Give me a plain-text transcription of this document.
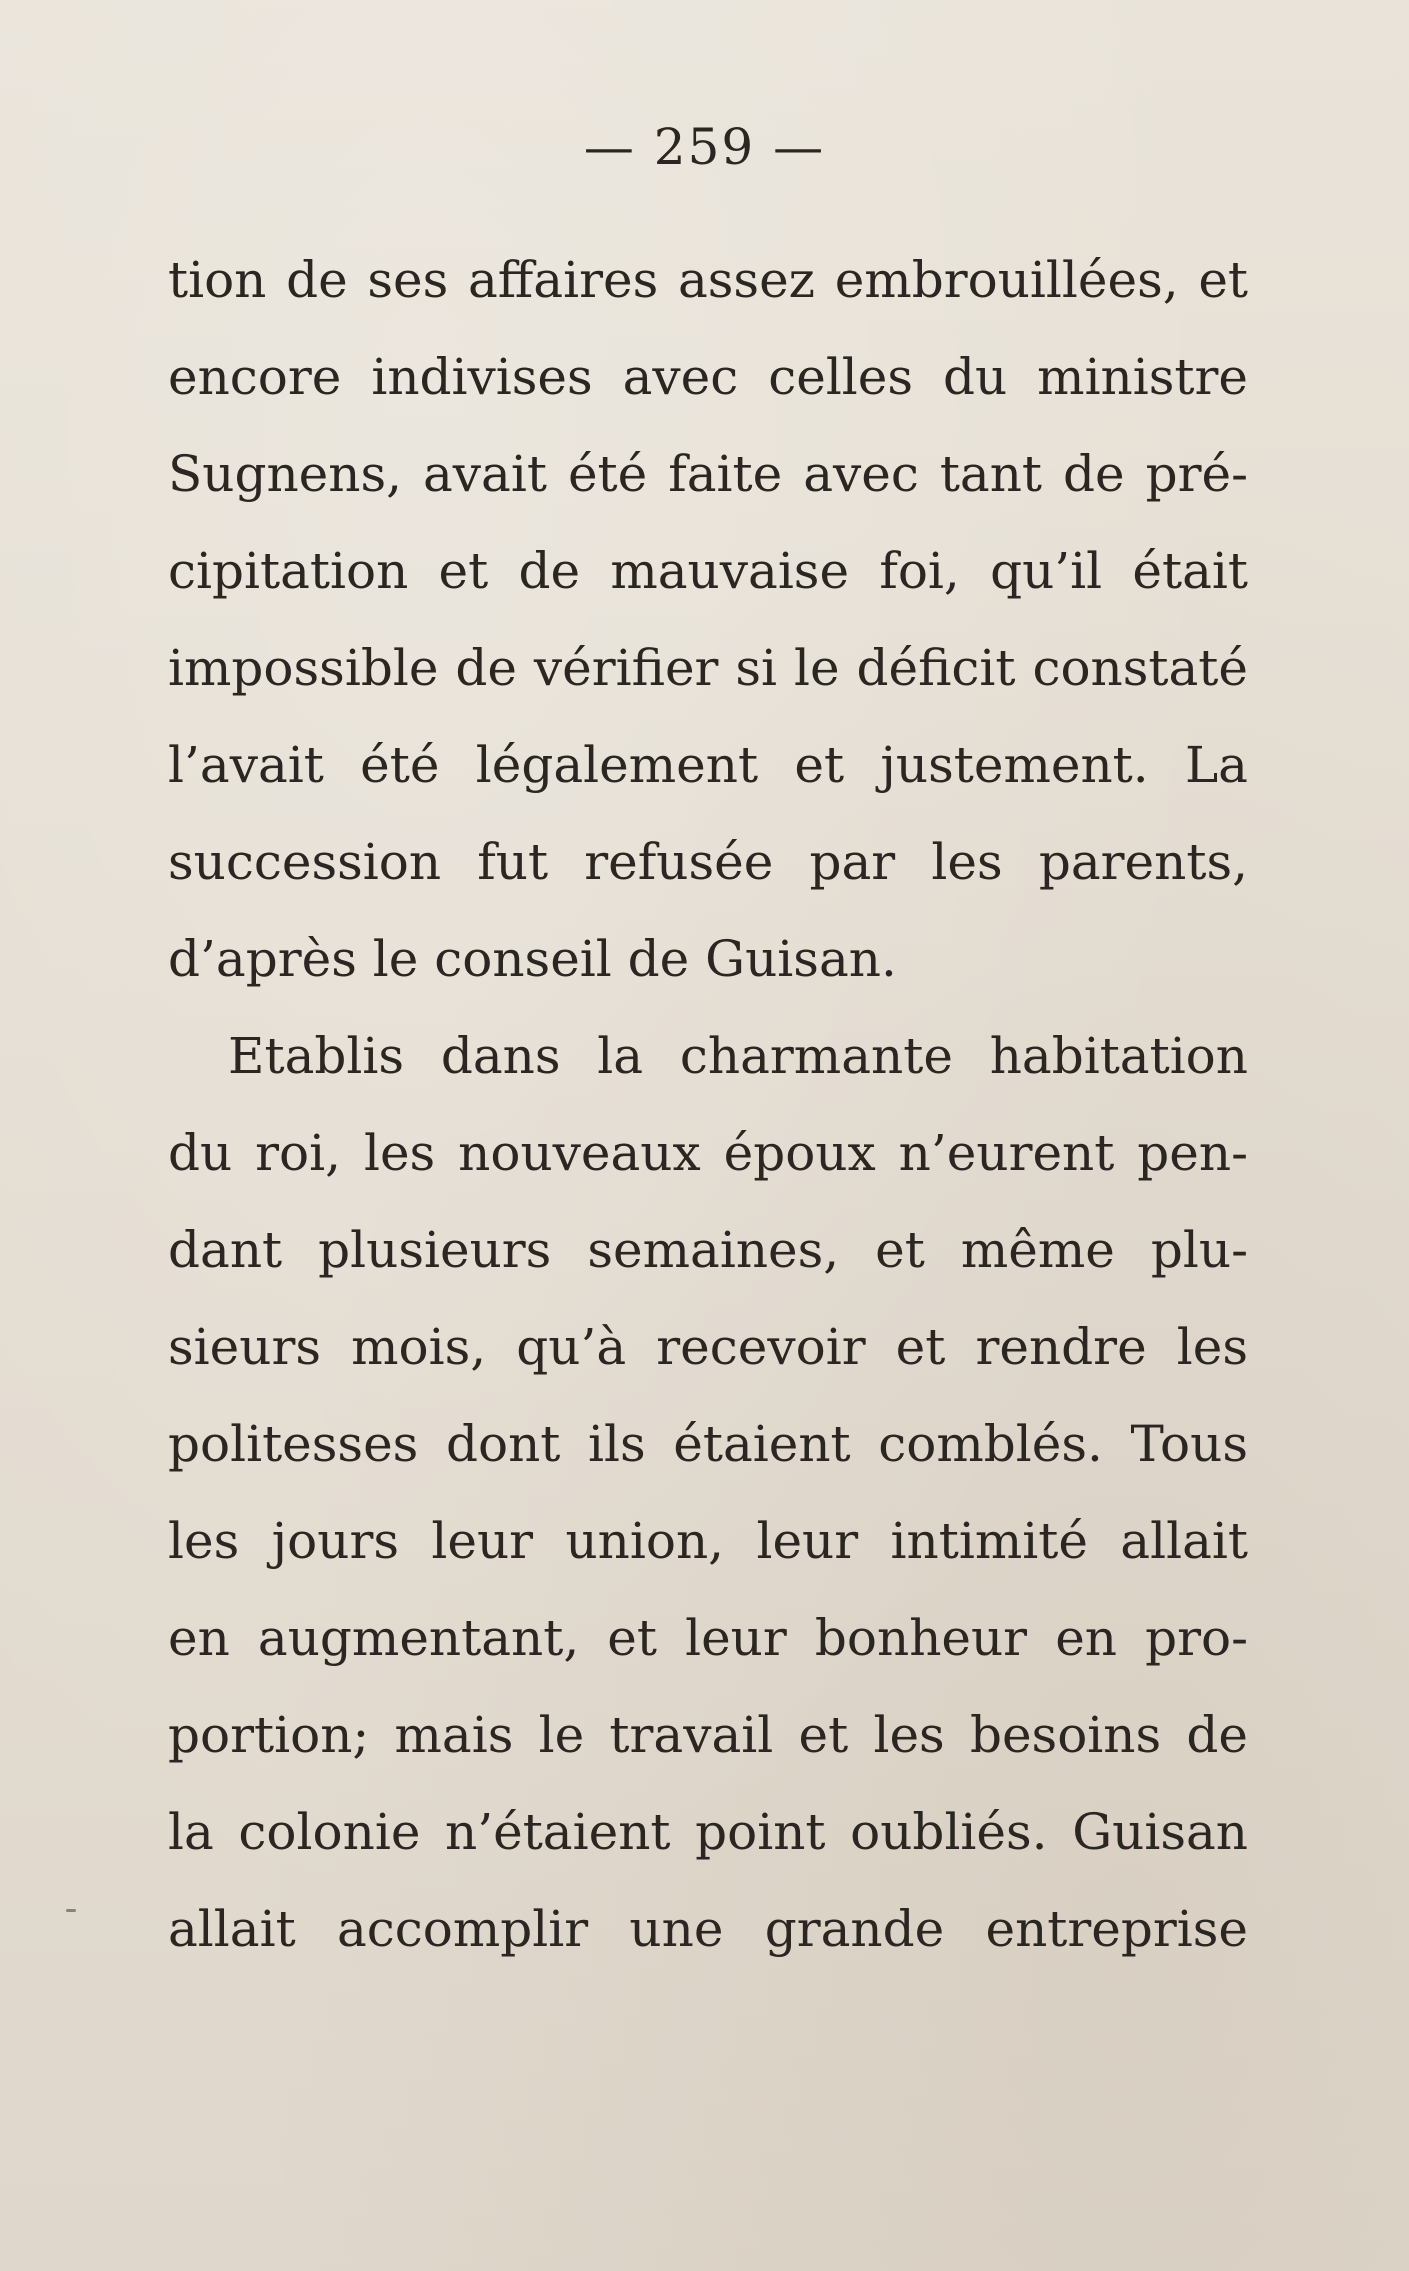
— 259 —
tion de ses affaires assez embrouillées, et
encore indivises avec celles du ministre
Sugnens, avait été faite avec tant de pré-
cipitation et de mauvaise foi, qu’il était
impossible de vérifier si le déficit constaté
l’avait été légalement et justement. La
succession fut refusée par les parents,
d’après le conseil de Guisan.
Etablis dans la charmante habitation
du roi, les nouveaux époux n’eurent pen-
dant plusieurs semaines, et même plu-
sieurs mois, qu’à recevoir et rendre les
politesses dont ils étaient comblés. Tous
les jours leur union, leur intimité allait
en augmentant, et leur bonheur en pro-
portion; mais le travail et les besoins de
la colonie n’étaient point oubliés. Guisan
allait accomplir une grande entreprise
